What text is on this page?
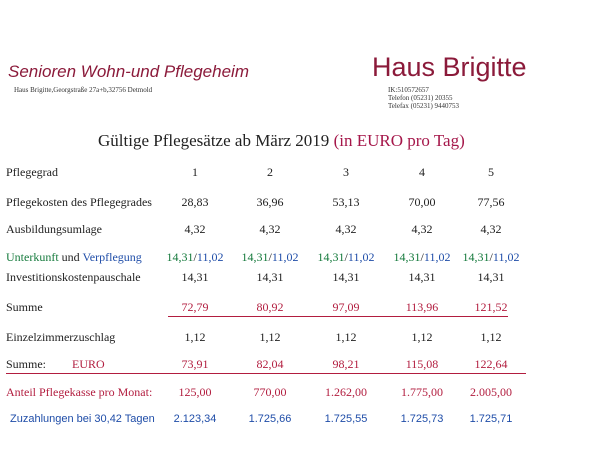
Senioren Wohn-und Pflegeheim
Haus Brigitte,Georgstraße 27a+b,32756 Detmold
Haus Brigitte
IK:510572657
Telefon (05231) 20355
Telefax (05231) 9440753
Gültige Pflegesätze ab März 2019 (in EURO pro Tag)
Pflegegrad	1	2	3	4	5
Pflegekosten des Pflegegrades	28,83	36,96	53,13	70,00	77,56
Ausbildungsumlage	4,32	4,32	4,32	4,32	4,32
Unterkunft und Verpflegung	14,31/11,02	14,31/11,02	14,31/11,02	14,31/11,02	14,31/11,02
Investitionskostenpauschale	14,31	14,31	14,31	14,31	14,31
Summe	72,79	80,92	97,09	113,96	121,52
Einzelzimmerzuschlag	1,12	1,12	1,12	1,12	1,12
Summe: EURO	73,91	82,04	98,21	115,08	122,64
Anteil Pflegekasse pro Monat:	125,00	770,00	1.262,00	1.775,00	2.005,00
Zuzahlungen bei 30,42 Tagen	2.123,34	1.725,66	1.725,55	1.725,73	1.725,71
